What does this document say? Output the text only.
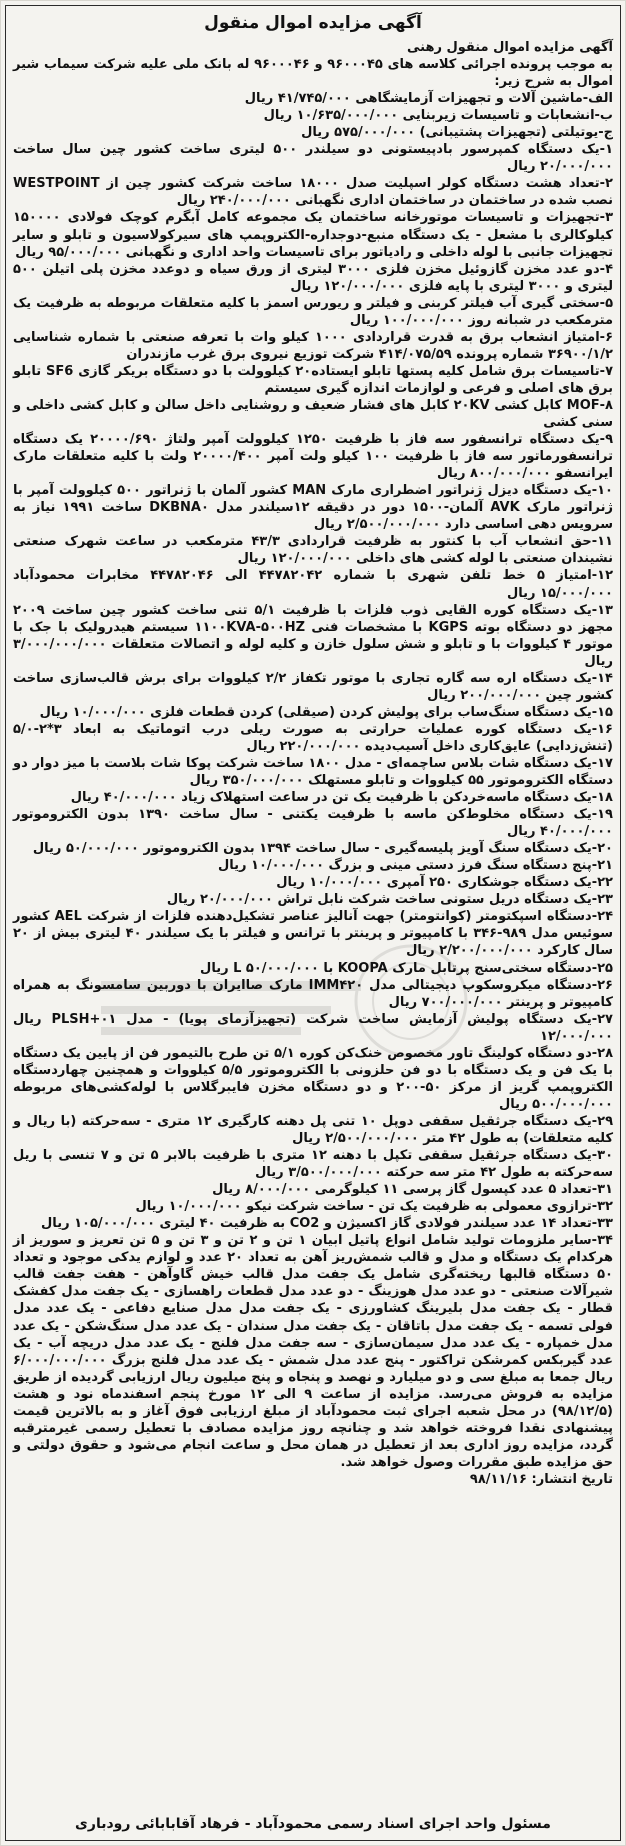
آگهی مزایده اموال منقول

آگهی مزایده اموال منقول رهنی

به موجب پرونده اجرائی کلاسه های ۹۶۰۰۰۴۵ و ۹۶۰۰۰۴۶ له بانک ملی علیه شرکت سیماب شیر اموال به شرح زیر:

الف-ماشین آلات و تجهیزات آزمایشگاهی ۴۱/۷۴۵/۰۰۰ ریال

ب-انشعابات و تاسیسات زیربنایی ۱۰/۶۳۵/۰۰۰/۰۰۰ ریال

ج-یوتیلتی (تجهیزات پشتیبانی) ۵۷۵/۰۰۰/۰۰۰ ریال

۱-یک دستگاه کمپرسور بادپیستونی دو سیلندر ۵۰۰ لیتری ساخت کشور چین سال ساخت ۲۰/۰۰۰/۰۰۰ ریال

۲-تعداد هشت دستگاه کولر اسپلیت صدل ۱۸۰۰۰ ساخت شرکت کشور چین از WESTPOINT نصب شده در ساختمان در ساختمان اداری نگهبانی ۲۴۰/۰۰۰/۰۰۰ ریال

۳-تجهیزات و تاسیسات موتورخانه ساختمان یک مجموعه کامل آبگرم کوچک فولادی ۱۵۰۰۰۰ کیلوکالری با مشعل - یک دستگاه منبع-دوجداره-الکتروپمپ های سیرکولاسیون و تابلو و سایر تجهیزات جانبی با لوله داخلی و رادیاتور برای تاسیسات واحد اداری و نگهبانی ۹۵/۰۰۰/۰۰۰ ریال

۴-دو عدد مخزن گازوئیل مخزن فلزی ۳۰۰۰ لیتری از ورق سیاه و دوعدد مخزن پلی اتیلن ۵۰۰ لیتری و ۳۰۰۰ لیتری با پایه فلزی ۱۲۰/۰۰۰/۰۰۰ ریال

۵-سختی گیری آب فیلتر کربنی و فیلتر و ریورس اسمز با کلیه متعلقات مربوطه به ظرفیت یک مترمکعب در شبانه روز ۱۰۰/۰۰۰/۰۰۰ ریال

۶-امتیاز انشعاب برق به قدرت قراردادی ۱۰۰۰ کیلو وات با تعرفه صنعتی با شماره شناسایی ۳۶۹۰۰/۱/۲ شماره پرونده ۴۱۴/۰۷۵/۵۹ شرکت توزیع نیروی برق غرب مازندران

۷-تاسیسات برق شامل کلیه پستها تابلو ایستاده۲۰ کیلوولت با دو دستگاه بریکر گازی SF6 تابلو برق های اصلی و فرعی و لوازمات اندازه گیری سیستم

۸-MOF کابل کشی ۲۰KV کابل های فشار ضعیف و روشنایی داخل سالن و کابل کشی داخلی و سنی کشی

۹-یک دستگاه ترانسفور سه فاز با ظرفیت ۱۲۵۰ کیلوولت آمپر ولتاژ ۲۰۰۰۰/۶۹۰ یک دستگاه ترانسفورماتور سه فاز با ظرفیت ۱۰۰ کیلو ولت آمپر ۲۰۰۰۰/۴۰۰ ولت با کلیه متعلقات مارک ایرانسفو ۸۰۰/۰۰۰/۰۰۰ ریال

۱۰-یک دستگاه دیزل ژنراتور اضطراری مارک MAN کشور آلمان با ژنراتور ۵۰۰ کیلوولت آمپر با ژنراتور مارک AVK آلمان-۱۵۰۰ دور در دقیقه ۱۲سیلندر مدل DKBNA۰ ساخت ۱۹۹۱ نیاز به سرویس دهی اساسی دارد ۲/۵۰۰/۰۰۰/۰۰۰ ریال

۱۱-حق انشعاب آب با کنتور به ظرفیت قراردادی ۴۳/۳ مترمکعب در ساعت شهرک صنعتی نشیندان صنعتی با لوله کشی های داخلی ۱۲۰/۰۰۰/۰۰۰ ریال

۱۲-امتیاز ۵ خط تلفن شهری با شماره ۴۴۷۸۲۰۴۲ الی ۴۴۷۸۲۰۴۶ مخابرات محمودآباد ۱۵/۰۰۰/۰۰۰ ریال

۱۳-یک دستگاه کوره القایی ذوب فلزات با ظرفیت ۵/۱ تنی ساخت کشور چین ساخت ۲۰۰۹ مجهز دو دستگاه بوته KGPS با مشخصات فنی ۱۱۰۰KVA-۵۰۰HZ سیستم هیدرولیک با جک با موتور ۴ کیلووات با و تابلو و شش سلول خازن و کلیه لوله و اتصالات متعلقات ۳/۰۰۰/۰۰۰/۰۰۰ ریال

۱۴-یک دستگاه اره سه گاره تجاری با موتور تکفاز ۲/۲ کیلووات برای برش قالب‌سازی ساخت کشور چین ۲۰۰/۰۰۰/۰۰۰ ریال

۱۵-یک دستگاه سنگ‌ساب برای پولیش کردن (صیقلی) کردن قطعات فلزی ۱۰/۰۰۰/۰۰۰ ریال

۱۶-یک دستگاه کوره عملیات حرارتی به صورت ریلی درب اتوماتیک به ابعاد ۳*۲-۵/۰ (تنش‌زدایی) عایق‌کاری داخل آسیب‌دیده ۲۲۰/۰۰۰/۰۰۰ ریال

۱۷-یک دستگاه شات بلاس ساچمه‌ای - مدل ۱۸۰۰ ساخت شرکت پوکا شات بلاست با میز دوار دو دستگاه الکتروموتور ۵۵ کیلووات و تابلو مستهلک ۳۵۰/۰۰۰/۰۰۰ ریال

۱۸-یک دستگاه ماسه‌خردکن با ظرفیت یک تن در ساعت استهلاک زیاد ۴۰/۰۰۰/۰۰۰ ریال

۱۹-یک دستگاه مخلوط‌کن ماسه با ظرفیت یکتنی - سال ساخت ۱۳۹۰ بدون الکتروموتور ۴۰/۰۰۰/۰۰۰ ریال

۲۰-یک دستگاه سنگ آویز پلیسه‌گیری - سال ساخت ۱۳۹۴ بدون الکتروموتور ۵۰/۰۰۰/۰۰۰ ریال

۲۱-پنج دستگاه سنگ فرز دستی مینی و بزرگ ۱۰/۰۰۰/۰۰۰ ریال

۲۲-یک دستگاه جوشکاری ۲۵۰ آمپری ۱۰/۰۰۰/۰۰۰ ریال

۲۳-یک دستگاه دریل ستونی ساخت شرکت نابل تراش ۲۰/۰۰۰/۰۰۰ ریال

۲۴-دستگاه اسپکتومتر (کوانتومتر) جهت آنالیز عناصر تشکیل‌دهنده فلزات از شرکت AEL کشور سوئیس مدل ۹۸۹-۳۴۶ با کامپیوتر و پرینتر با ترانس و فیلتر با یک سیلندر ۴۰ لیتری بیش از ۲۰ سال کارکرد ۲/۲۰۰/۰۰۰/۰۰۰ ریال

۲۵-دستگاه سختی‌سنج پرتابل مارک KOOPA با L ۵۰/۰۰۰/۰۰۰ ریال

۲۶-دستگاه میکروسکوپ دیجیتالی مدل IMM۴۲۰ مارک صاایران با دوربین سامسونگ به همراه کامپیوتر و پرینتر ۷۰۰/۰۰۰/۰۰۰ ریال

۲۷-یک دستگاه پولیش آزمایش ساخت شرکت (تجهیزآزمای پویا) - مدل PLSH+۰۱ ریال ۱۲/۰۰۰/۰۰۰

۲۸-دو دستگاه کولینگ تاور مخصوص خنک‌کن کوره ۵/۱ تن طرح بالتیمور فن از پایین یک دستگاه با یک فن و یک دستگاه با دو فن حلزونی با الکتروموتور ۵/۵ کیلووات و همچنین چهاردستگاه الکتروپمپ گریز از مرکز ۵۰-۲۰۰ و دو دستگاه مخزن فایبرگلاس با لوله‌کشی‌های مربوطه ۵۰۰/۰۰۰/۰۰۰ ریال

۲۹-یک دستگاه جرثقیل سقفی دوپل ۱۰ تنی پل دهنه کارگیری ۱۲ متری - سه‌حرکته (با ریال و کلیه متعلقات) به طول ۴۲ متر ۲/۵۰۰/۰۰۰/۰۰۰ ریال

۳۰-یک دستگاه جرثقیل سقفی تکپل با دهنه ۱۲ متری با ظرفیت بالابر ۵ تن و ۷ تنسی با ریل سه‌حرکته به طول ۴۲ متر سه حرکته ۳/۵۰۰/۰۰۰/۰۰۰ ریال

۳۱-تعداد ۵ عدد کپسول گاز پرسی ۱۱ کیلوگرمی ۸/۰۰۰/۰۰۰ ریال

۳۲-ترازوی معمولی به ظرفیت یک تن - ساخت شرکت نیکو ۱۰/۰۰۰/۰۰۰ ریال

۳۳-تعداد ۱۴ عدد سیلندر فولادی گاز اکسیژن و CO2 به ظرفیت ۴۰ لیتری ۱۰۵/۰۰۰/۰۰۰ ریال

۳۴-سایر ملزومات تولید شامل انواع پاتیل ابیان ۱ تن و ۲ تن و ۳ تن و ۵ تن تعریز و سوریز از هرکدام یک دستگاه و مدل و قالب شمش‌ریز آهن به تعداد ۲۰ عدد و لوازم یدکی موجود و تعداد ۵۰ دستگاه قالبها ریخته‌گری شامل یک جفت مدل قالب خیش گاوآهن - هفت جفت قالب شیرآلات صنعتی - دو عدد مدل هوزینگ - دو عدد مدل قطعات راهسازی - یک جفت مدل کفشک قطار - یک جفت مدل بلیرینگ کشاورزی - یک جفت مدل مدل صنایع دفاعی - یک عدد مدل فولی تسمه - یک جفت مدل باتاقان - یک جفت مدل سندان - یک عدد مدل سنگ‌شکن - یک عدد مدل خمپاره - یک عدد مدل سیمان‌سازی - سه جفت مدل فلنج - یک عدد مدل دریچه آب - یک عدد گیربکس کمرشکن تراکتور - پنج عدد مدل شمش - یک عدد مدل فلنج بزرگ ۶/۰۰۰/۰۰۰/۰۰۰ ریال جمعا به مبلغ سی و دو میلیارد و نهصد و پنجاه و پنج میلیون ریال ارزیابی گردیده از طریق مزایده به فروش می‌رسد. مزایده از ساعت ۹ الی ۱۲ مورخ پنجم اسفندماه نود و هشت (۹۸/۱۲/۵) در محل شعبه اجرای ثبت محمودآباد از مبلغ ارزیابی فوق آغاز و به بالاترین قیمت پیشنهادی نقدا فروخته خواهد شد و چنانچه روز مزایده مصادف با تعطیل رسمی غیرمترقبه گردد، مزایده روز اداری بعد از تعطیل در همان محل و ساعت انجام می‌شود و حقوق دولتی و حق مزایده طبق مقررات وصول خواهد شد.

تاریخ انتشار: ۹۸/۱۱/۱۶

مسئول واحد اجرای اسناد رسمی محمودآباد - فرهاد آقابابائی رودباری
